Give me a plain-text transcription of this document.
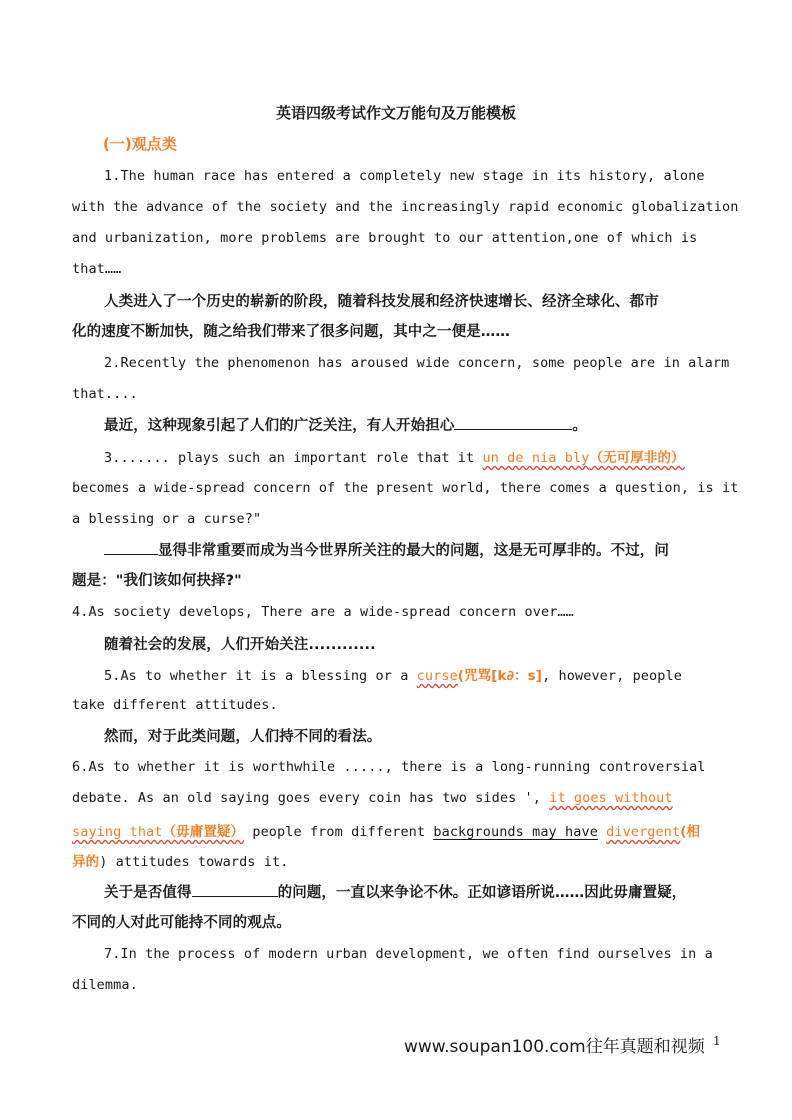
英语四级考试作文万能句及万能模板
(一)观点类
1.The human race has entered a completely new stage in its history, alone
with the advance of the society and the increasingly rapid economic globalization
and urbanization, more problems are brought to our attention,one of which is
that……
人类进入了一个历史的崭新的阶段，随着科技发展和经济快速增长、经济全球化、都市
化的速度不断加快，随之给我们带来了很多问题，其中之一便是……
2.Recently the phenomenon has aroused wide concern, some people are in alarm
that....
最近，这种现象引起了人们的广泛关注，有人开始担心	。
3....... plays such an important role that it un de nia bly（无可厚非的）
becomes a wide-spread concern of the present world, there comes a question, is it
a blessing or a curse?"
显得非常重要而成为当今世界所关注的最大的问题，这是无可厚非的。不过，问
题是："我们该如何抉择?"
4.As society develops, There are a wide-spread concern over……
随着社会的发展，人们开始关注............
5.As to whether it is a blessing or a curse(咒骂[k∂：s], however, people
take different attitudes.
然而，对于此类问题，人们持不同的看法。
6.As to whether it is worthwhile ....., there is a long-running controversial
debate. As an old saying goes every coin has two sides ', it goes without
saying that（毋庸置疑） people from different backgrounds may have divergent(相
异的) attitudes towards it.
关于是否值得	的问题，一直以来争论不休。正如谚语所说……因此毋庸置疑，
不同的人对此可能持不同的观点。
7.In the process of modern urban development, we often find ourselves in a
dilemma.
www.soupan100.com往年真题和视频 1
